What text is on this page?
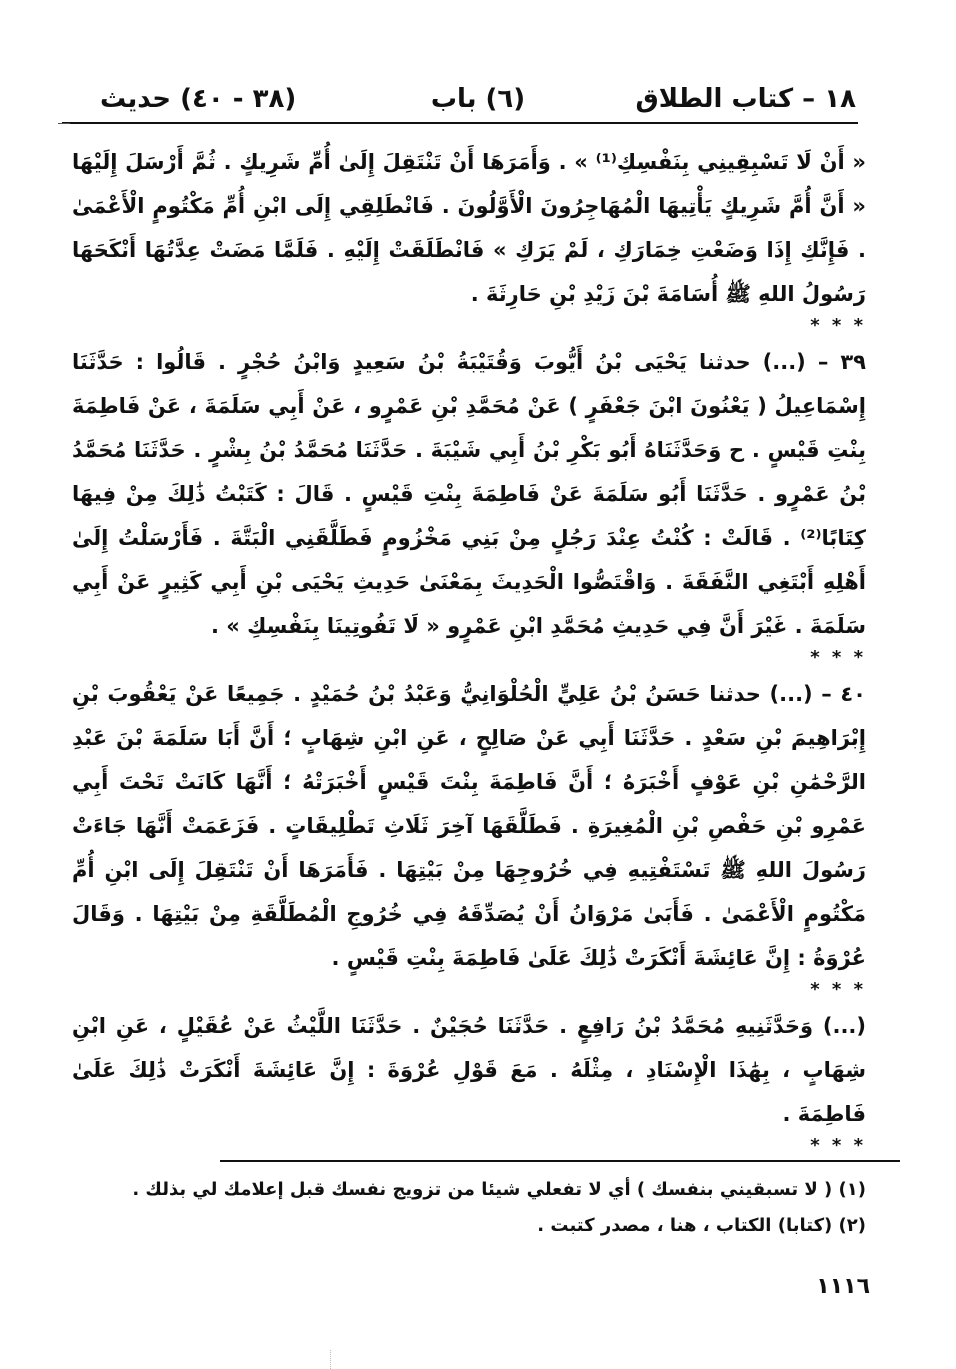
١٨ – كتاب الطلاق
(٦) باب
(٣٨ - ٤٠) حديث

« أَنْ لَا تَسْبِقِينِي بِنَفْسِكِ⁽¹⁾ » . وَأَمَرَهَا أَنْ تَنْتَقِلَ إِلَىٰ أُمِّ شَرِيكٍ . ثُمَّ أَرْسَلَ إِلَيْهَا « أَنَّ أُمَّ شَرِيكٍ يَأْتِيهَا الْمُهَاجِرُونَ الْأَوَّلُونَ . فَانْطَلِقِي إِلَى ابْنِ أُمِّ مَكْتُومٍ الْأَعْمَىٰ . فَإِنَّكِ إِذَا وَضَعْتِ خِمَارَكِ ، لَمْ يَرَكِ » فَانْطَلَقَتْ إِلَيْهِ . فَلَمَّا مَضَتْ عِدَّتُهَا أَنْكَحَهَا رَسُولُ اللهِ ﷺ أُسَامَةَ بْنَ زَيْدِ بْنِ حَارِثَةَ .

* * *

٣٩ – (...) حدثنا يَحْيَى بْنُ أَيُّوبَ وَقُتَيْبَةُ بْنُ سَعِيدٍ وَابْنُ حُجْرٍ . قَالُوا : حَدَّثَنَا إِسْمَاعِيلُ ( يَعْنُونَ ابْنَ جَعْفَرٍ ) عَنْ مُحَمَّدِ بْنِ عَمْرٍو ، عَنْ أَبِي سَلَمَةَ ، عَنْ فَاطِمَةَ بِنْتِ قَيْسٍ . ح وَحَدَّثَنَاهُ أَبُو بَكْرِ بْنُ أَبِي شَيْبَةَ . حَدَّثَنَا مُحَمَّدُ بْنُ بِشْرٍ . حَدَّثَنَا مُحَمَّدُ بْنُ عَمْرٍو . حَدَّثَنَا أَبُو سَلَمَةَ عَنْ فَاطِمَةَ بِنْتِ قَيْسٍ . قَالَ : كَتَبْتُ ذَٰلِكَ مِنْ فِيهَا كِتَابًا⁽²⁾ . قَالَتْ : كُنْتُ عِنْدَ رَجُلٍ مِنْ بَنِي مَخْزُومٍ فَطَلَّقَنِي الْبَتَّةَ . فَأَرْسَلْتُ إِلَىٰ أَهْلِهِ أَبْتَغِي النَّفَقَةَ . وَاقْتَصُّوا الْحَدِيثَ بِمَعْنَىٰ حَدِيثِ يَحْيَى بْنِ أَبِي كَثِيرٍ عَنْ أَبِي سَلَمَةَ . غَيْرَ أَنَّ فِي حَدِيثِ مُحَمَّدِ ابْنِ عَمْرٍو « لَا تَفُوتِينَا بِنَفْسِكِ » .

* * *

٤٠ – (...) حدثنا حَسَنُ بْنُ عَلِيٍّ الْحُلْوَانِيُّ وَعَبْدُ بْنُ حُمَيْدٍ . جَمِيعًا عَنْ يَعْقُوبَ بْنِ إِبْرَاهِيمَ بْنِ سَعْدٍ . حَدَّثَنَا أَبِي عَنْ صَالِحٍ ، عَنِ ابْنِ شِهَابٍ ؛ أَنَّ أَبَا سَلَمَةَ بْنَ عَبْدِ الرَّحْمَٰنِ بْنِ عَوْفٍ أَخْبَرَهُ ؛ أَنَّ فَاطِمَةَ بِنْتَ قَيْسٍ أَخْبَرَتْهُ ؛ أَنَّهَا كَانَتْ تَحْتَ أَبِي عَمْرِو بْنِ حَفْصِ بْنِ الْمُغِيرَةِ . فَطَلَّقَهَا آخِرَ ثَلَاثِ تَطْلِيقَاتٍ . فَزَعَمَتْ أَنَّهَا جَاءَتْ رَسُولَ اللهِ ﷺ تَسْتَفْتِيهِ فِي خُرُوجِهَا مِنْ بَيْتِهَا . فَأَمَرَهَا أَنْ تَنْتَقِلَ إِلَى ابْنِ أُمِّ مَكْتُومٍ الْأَعْمَىٰ . فَأَبَىٰ مَرْوَانُ أَنْ يُصَدِّقَهُ فِي خُرُوجِ الْمُطَلَّقَةِ مِنْ بَيْتِهَا . وَقَالَ عُرْوَةُ : إِنَّ عَائِشَةَ أَنْكَرَتْ ذَٰلِكَ عَلَىٰ فَاطِمَةَ بِنْتِ قَيْسٍ .

* * *

(...) وَحَدَّثَنِيهِ مُحَمَّدُ بْنُ رَافِعٍ . حَدَّثَنَا حُجَيْنٌ . حَدَّثَنَا اللَّيْثُ عَنْ عُقَيْلٍ ، عَنِ ابْنِ شِهَابٍ ، بِهَٰذَا الْإِسْنَادِ ، مِثْلَهُ . مَعَ قَوْلِ عُرْوَةَ : إِنَّ عَائِشَةَ أَنْكَرَتْ ذَٰلِكَ عَلَىٰ فَاطِمَةَ .

* * *

(١) ( لا تسبقيني بنفسك ) أي لا تفعلي شيئا من تزويج نفسك قبل إعلامك لي بذلك .

(٢) (كتابا) الكتاب ، هنا ، مصدر كتبت .

١١١٦
